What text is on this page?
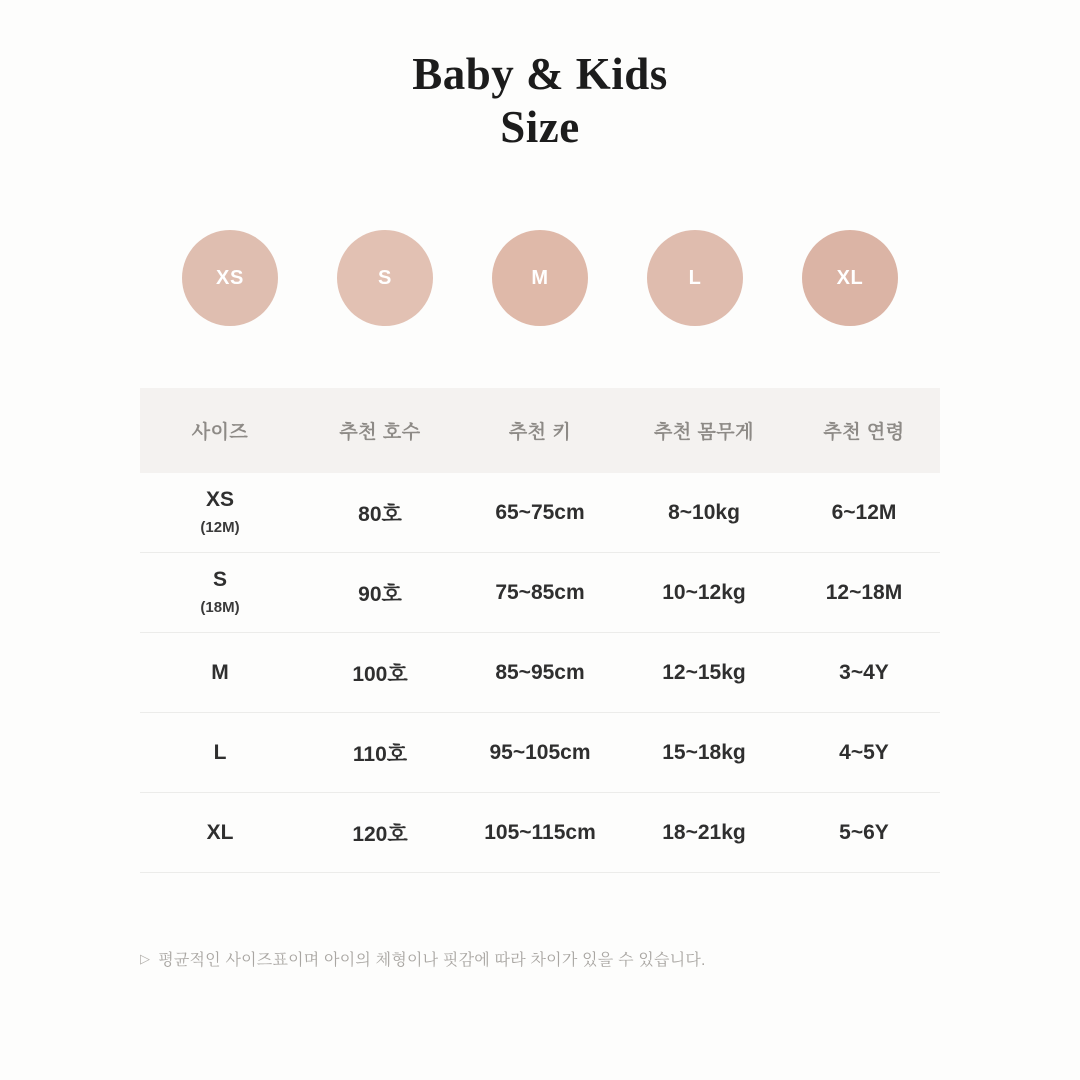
Baby & Kids
Size
XS	S	M	L	XL
사이즈	추천 호수	추천 키	추천 몸무게	추천 연령

XS
(12M)	80호	65~75cm	8~10kg	6~12M

S
(18M)	90호	75~85cm	10~12kg	12~18M

M	100호	85~95cm	12~15kg	3~4Y

L	110호	95~105cm	15~18kg	4~5Y

XL	120호	105~115cm	18~21kg	5~6Y
▷ 평균적인 사이즈표이며 아이의 체형이나 핏감에 따라 차이가 있을 수 있습니다.
